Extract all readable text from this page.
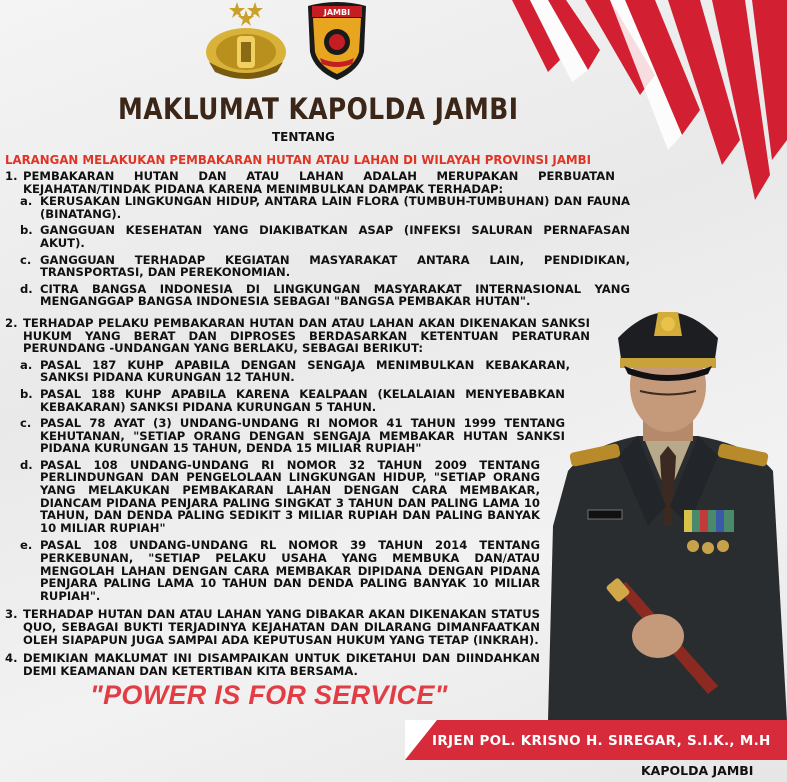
JAMBI
MAKLUMAT KAPOLDA JAMBI
TENTANG
LARANGAN MELAKUKAN PEMBAKARAN HUTAN ATAU LAHAN DI WILAYAH PROVINSI JAMBI
1. PEMBAKARAN HUTAN DAN ATAU LAHAN ADALAH MERUPAKAN PERBUATAN KEJAHATAN/TINDAK PIDANA KARENA MENIMBULKAN DAMPAK TERHADAP:
a. KERUSAKAN LINGKUNGAN HIDUP, ANTARA LAIN FLORA (TUMBUH-TUMBUHAN) DAN FAUNA (BINATANG).
b. GANGGUAN KESEHATAN YANG DIAKIBATKAN ASAP (INFEKSI SALURAN PERNAFASAN AKUT).
c. GANGGUAN TERHADAP KEGIATAN MASYARAKAT ANTARA LAIN, PENDIDIKAN, TRANSPORTASI, DAN PEREKONOMIAN.
d. CITRA BANGSA INDONESIA DI LINGKUNGAN MASYARAKAT INTERNASIONAL YANG MENGANGGAP BANGSA INDONESIA SEBAGAI "BANGSA PEMBAKAR HUTAN".
2. TERHADAP PELAKU PEMBAKARAN HUTAN DAN ATAU LAHAN AKAN DIKENAKAN SANKSI HUKUM YANG BERAT DAN DIPROSES BERDASARKAN KETENTUAN PERATURAN PERUNDANG -UNDANGAN YANG BERLAKU, SEBAGAI BERIKUT:
a. PASAL 187 KUHP APABILA DENGAN SENGAJA MENIMBULKAN KEBAKARAN, SANKSI PIDANA KURUNGAN 12 TAHUN.
b. PASAL 188 KUHP APABILA KARENA KEALPAAN (KELALAIAN MENYEBABKAN KEBAKARAN) SANKSI PIDANA KURUNGAN 5 TAHUN.
c. PASAL 78 AYAT (3) UNDANG-UNDANG RI NOMOR 41 TAHUN 1999 TENTANG KEHUTANAN, "SETIAP ORANG DENGAN SENGAJA MEMBAKAR HUTAN SANKSI PIDANA KURUNGAN 15 TAHUN, DENDA 15 MILIAR RUPIAH"
d. PASAL 108 UNDANG-UNDANG RI NOMOR 32 TAHUN 2009 TENTANG PERLINDUNGAN DAN PENGELOLAAN LINGKUNGAN HIDUP, "SETIAP ORANG YANG MELAKUKAN PEMBAKARAN LAHAN DENGAN CARA MEMBAKAR, DIANCAM PIDANA PENJARA PALING SINGKAT 3 TAHUN DAN PALING LAMA 10 TAHUN, DAN DENDA PALING SEDIKIT 3 MILIAR RUPIAH DAN PALING BANYAK 10 MILIAR RUPIAH"
e. PASAL 108 UNDANG-UNDANG RL NOMOR 39 TAHUN 2014 TENTANG PERKEBUNAN, "SETIAP PELAKU USAHA YANG MEMBUKA DAN/ATAU MENGOLAH LAHAN DENGAN CARA MEMBAKAR DIPIDANA DENGAN PIDANA PENJARA PALING LAMA 10 TAHUN DAN DENDA PALING BANYAK 10 MILIAR RUPIAH".
3. TERHADAP HUTAN DAN ATAU LAHAN YANG DIBAKAR AKAN DIKENAKAN STATUS QUO, SEBAGAI BUKTI TERJADINYA KEJAHATAN DAN DILARANG DIMANFAATKAN OLEH SIAPAPUN JUGA SAMPAI ADA KEPUTUSAN HUKUM YANG TETAP (INKRAH).
4. DEMIKIAN MAKLUMAT INI DISAMPAIKAN UNTUK DIKETAHUI DAN DIINDAHKAN DEMI KEAMANAN DAN KETERTIBAN KITA BERSAMA.
"POWER IS FOR SERVICE"
IRJEN POL. KRISNO H. SIREGAR, S.I.K., M.H
KAPOLDA JAMBI
